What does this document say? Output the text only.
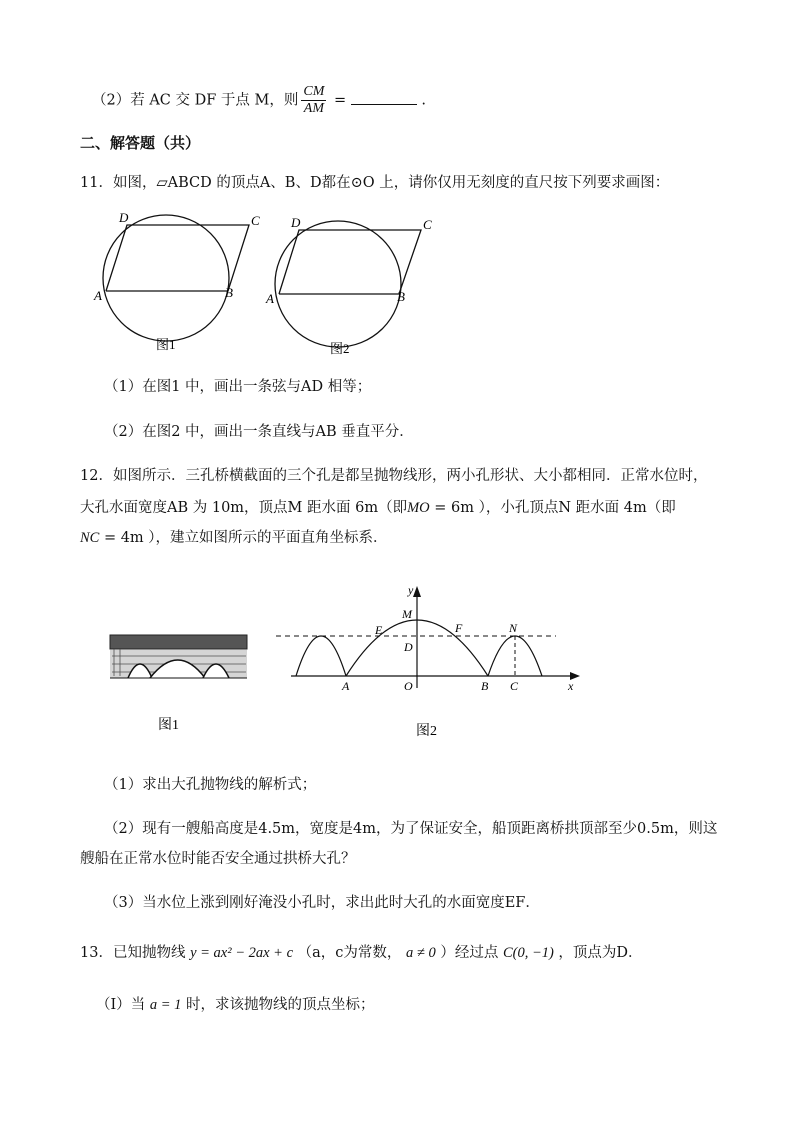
（2）若 AC 交 DF 于点 M，则 $\frac{CM}{AM}$ =	.
二、解答题（共）
11．如图，▱ABCD 的顶点A、B、D都在⊙O 上，请你仅用无刻度的直尺按下列要求画图：
D	C
A	B
图1
D	C
A	B
图2
（1）在图1 中，画出一条弦与AD 相等；
（2）在图2 中，画出一条直线与AB 垂直平分．
12．如图所示．三孔桥横截面的三个孔是都呈抛物线形，两小孔形状、大小都相同．正常水位时，
大孔水面宽度AB 为 10m，顶点M 距水面 6m（即MO = 6m ），小孔顶点N 距水面 4m（即
NC = 4m ），建立如图所示的平面直角坐标系．
图1
y
M
E	F	N
D
A	O	B C	x
图2
（1）求出大孔抛物线的解析式；
（2）现有一艘船高度是4.5m，宽度是4m，为了保证安全，船顶距离桥拱顶部至少0.5m，则这
艘船在正常水位时能否安全通过拱桥大孔？
（3）当水位上涨到刚好淹没小孔时，求出此时大孔的水面宽度EF．
13．已知抛物线 y = ax² − 2ax + c （a，c为常数， a ≠ 0 ）经过点 C(0, −1) ，顶点为D．
（Ⅰ）当 a = 1 时，求该抛物线的顶点坐标；
